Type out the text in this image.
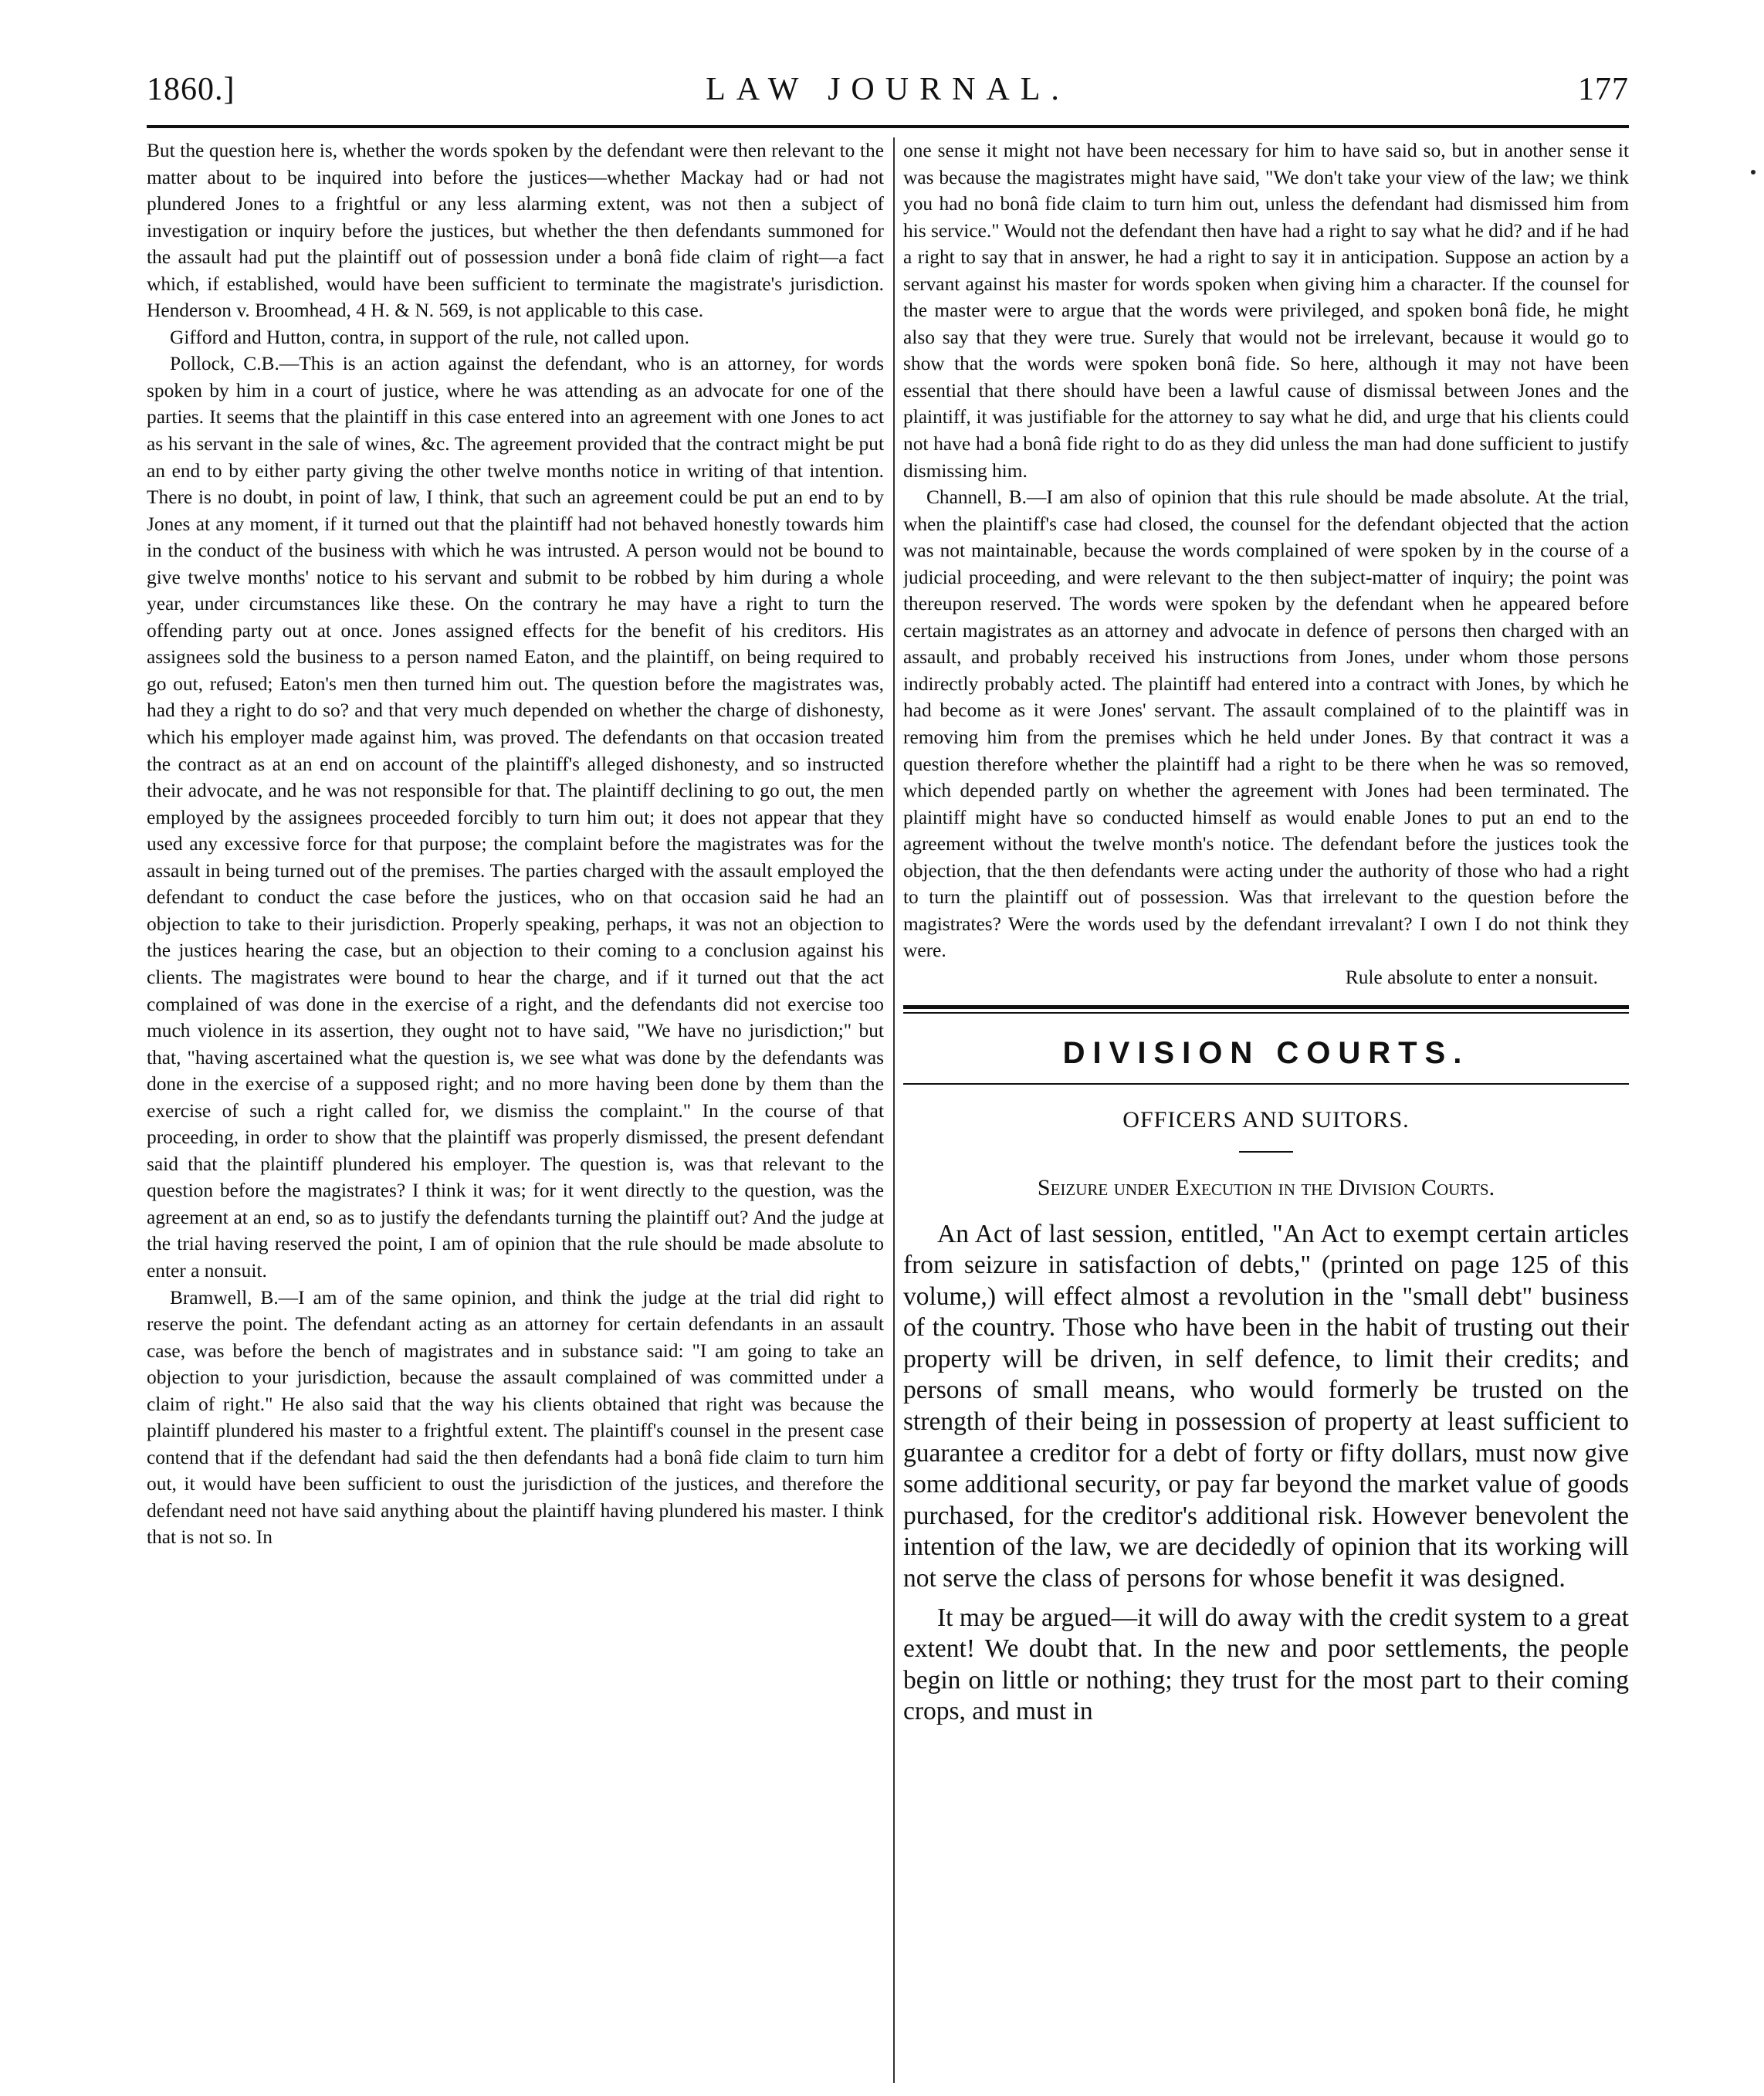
1860.]	LAW JOURNAL.	177

But the question here is, whether the words spoken by the defendant were then relevant to the matter about to be inquired into before the justices—whether Mackay had or had not plundered Jones to a frightful or any less alarming extent, was not then a subject of investigation or inquiry before the justices, but whether the then defendants summoned for the assault had put the plaintiff out of possession under a bonâ fide claim of right—a fact which, if established, would have been sufficient to terminate the magistrate's jurisdiction. Henderson v. Broomhead, 4 H. & N. 569, is not applicable to this case.

Gifford and Hutton, contra, in support of the rule, not called upon.

Pollock, C.B.—This is an action against the defendant, who is an attorney, for words spoken by him in a court of justice, where he was attending as an advocate for one of the parties. It seems that the plaintiff in this case entered into an agreement with one Jones to act as his servant in the sale of wines, &c. The agreement provided that the contract might be put an end to by either party giving the other twelve months notice in writing of that intention. There is no doubt, in point of law, I think, that such an agreement could be put an end to by Jones at any moment, if it turned out that the plaintiff had not behaved honestly towards him in the conduct of the business with which he was intrusted. A person would not be bound to give twelve months' notice to his servant and submit to be robbed by him during a whole year, under circumstances like these. On the contrary he may have a right to turn the offending party out at once. Jones assigned effects for the benefit of his creditors. His assignees sold the business to a person named Eaton, and the plaintiff, on being required to go out, refused; Eaton's men then turned him out. The question before the magistrates was, had they a right to do so? and that very much depended on whether the charge of dishonesty, which his employer made against him, was proved. The defendants on that occasion treated the contract as at an end on account of the plaintiff's alleged dishonesty, and so instructed their advocate, and he was not responsible for that. The plaintiff declining to go out, the men employed by the assignees proceeded forcibly to turn him out; it does not appear that they used any excessive force for that purpose; the complaint before the magistrates was for the assault in being turned out of the premises. The parties charged with the assault employed the defendant to conduct the case before the justices, who on that occasion said he had an objection to take to their jurisdiction. Properly speaking, perhaps, it was not an objection to the justices hearing the case, but an objection to their coming to a conclusion against his clients. The magistrates were bound to hear the charge, and if it turned out that the act complained of was done in the exercise of a right, and the defendants did not exercise too much violence in its assertion, they ought not to have said, "We have no jurisdiction;" but that, "having ascertained what the question is, we see what was done by the defendants was done in the exercise of a supposed right; and no more having been done by them than the exercise of such a right called for, we dismiss the complaint." In the course of that proceeding, in order to show that the plaintiff was properly dismissed, the present defendant said that the plaintiff plundered his employer. The question is, was that relevant to the question before the magistrates? I think it was; for it went directly to the question, was the agreement at an end, so as to justify the defendants turning the plaintiff out? And the judge at the trial having reserved the point, I am of opinion that the rule should be made absolute to enter a nonsuit.

Bramwell, B.—I am of the same opinion, and think the judge at the trial did right to reserve the point. The defendant acting as an attorney for certain defendants in an assault case, was before the bench of magistrates and in substance said: "I am going to take an objection to your jurisdiction, because the assault complained of was committed under a claim of right." He also said that the way his clients obtained that right was because the plaintiff plundered his master to a frightful extent. The plaintiff's counsel in the present case contend that if the defendant had said the then defendants had a bonâ fide claim to turn him out, it would have been sufficient to oust the jurisdiction of the justices, and therefore the defendant need not have said anything about the plaintiff having plundered his master. I think that is not so. In

one sense it might not have been necessary for him to have said so, but in another sense it was because the magistrates might have said, "We don't take your view of the law; we think you had no bonâ fide claim to turn him out, unless the defendant had dismissed him from his service." Would not the defendant then have had a right to say what he did? and if he had a right to say that in answer, he had a right to say it in anticipation. Suppose an action by a servant against his master for words spoken when giving him a character. If the counsel for the master were to argue that the words were privileged, and spoken bonâ fide, he might also say that they were true. Surely that would not be irrelevant, because it would go to show that the words were spoken bonâ fide. So here, although it may not have been essential that there should have been a lawful cause of dismissal between Jones and the plaintiff, it was justifiable for the attorney to say what he did, and urge that his clients could not have had a bonâ fide right to do as they did unless the man had done sufficient to justify dismissing him.

Channell, B.—I am also of opinion that this rule should be made absolute. At the trial, when the plaintiff's case had closed, the counsel for the defendant objected that the action was not maintainable, because the words complained of were spoken by in the course of a judicial proceeding, and were relevant to the then subject-matter of inquiry; the point was thereupon reserved. The words were spoken by the defendant when he appeared before certain magistrates as an attorney and advocate in defence of persons then charged with an assault, and probably received his instructions from Jones, under whom those persons indirectly probably acted. The plaintiff had entered into a contract with Jones, by which he had become as it were Jones' servant. The assault complained of to the plaintiff was in removing him from the premises which he held under Jones. By that contract it was a question therefore whether the plaintiff had a right to be there when he was so removed, which depended partly on whether the agreement with Jones had been terminated. The plaintiff might have so conducted himself as would enable Jones to put an end to the agreement without the twelve month's notice. The defendant before the justices took the objection, that the then defendants were acting under the authority of those who had a right to turn the plaintiff out of possession. Was that irrelevant to the question before the magistrates? Were the words used by the defendant irrevalant? I own I do not think they were.

Rule absolute to enter a nonsuit.

DIVISION COURTS.
OFFICERS AND SUITORS.
Seizure under Execution in the Division Courts.

An Act of last session, entitled, "An Act to exempt certain articles from seizure in satisfaction of debts," (printed on page 125 of this volume,) will effect almost a revolution in the "small debt" business of the country. Those who have been in the habit of trusting out their property will be driven, in self defence, to limit their credits; and persons of small means, who would formerly be trusted on the strength of their being in possession of property at least sufficient to guarantee a creditor for a debt of forty or fifty dollars, must now give some additional security, or pay far beyond the market value of goods purchased, for the creditor's additional risk. However benevolent the intention of the law, we are decidedly of opinion that its working will not serve the class of persons for whose benefit it was designed.

It may be argued—it will do away with the credit system to a great extent! We doubt that. In the new and poor settlements, the people begin on little or nothing; they trust for the most part to their coming crops, and must in
